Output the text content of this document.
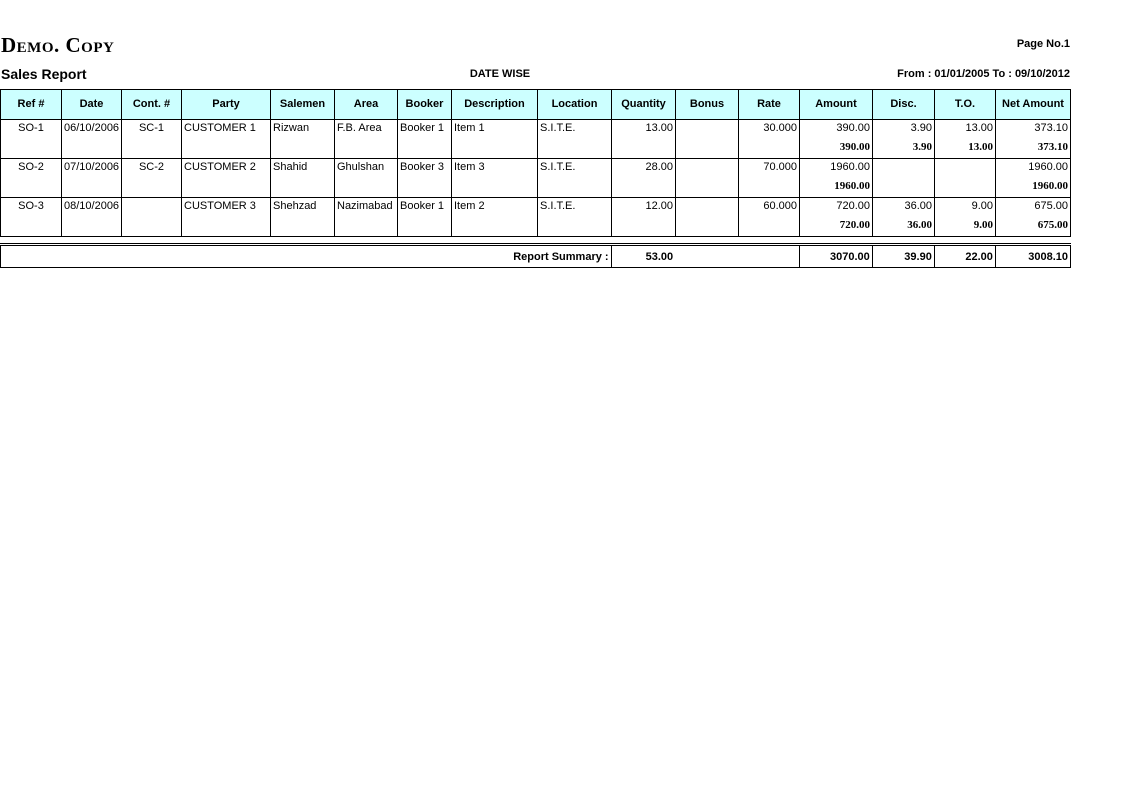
Demo. Copy	Page No.1
Sales Report	DATE WISE	From : 01/01/2005 To : 09/10/2012
Ref #	Date	Cont. #	Party	Salemen	Area	Booker	Description	Location	Quantity	Bonus	Rate	Amount	Disc.	T.O.	Net Amount
SO-1	06/10/2006	SC-1	CUSTOMER 1	Rizwan	F.B. Area	Booker 1	Item 1	S.I.T.E.	13.00		30.000	390.00	3.90	13.00	373.10
												390.00	3.90	13.00	373.10
SO-2	07/10/2006	SC-2	CUSTOMER 2	Shahid	Ghulshan	Booker 3	Item 3	S.I.T.E.	28.00		70.000	1960.00			1960.00
												1960.00			1960.00
SO-3	08/10/2006		CUSTOMER 3	Shehzad	Nazimabad	Booker 1	Item 2	S.I.T.E.	12.00		60.000	720.00	36.00	9.00	675.00
												720.00	36.00	9.00	675.00
Report Summary :	53.00		3070.00	39.90	22.00	3008.10
